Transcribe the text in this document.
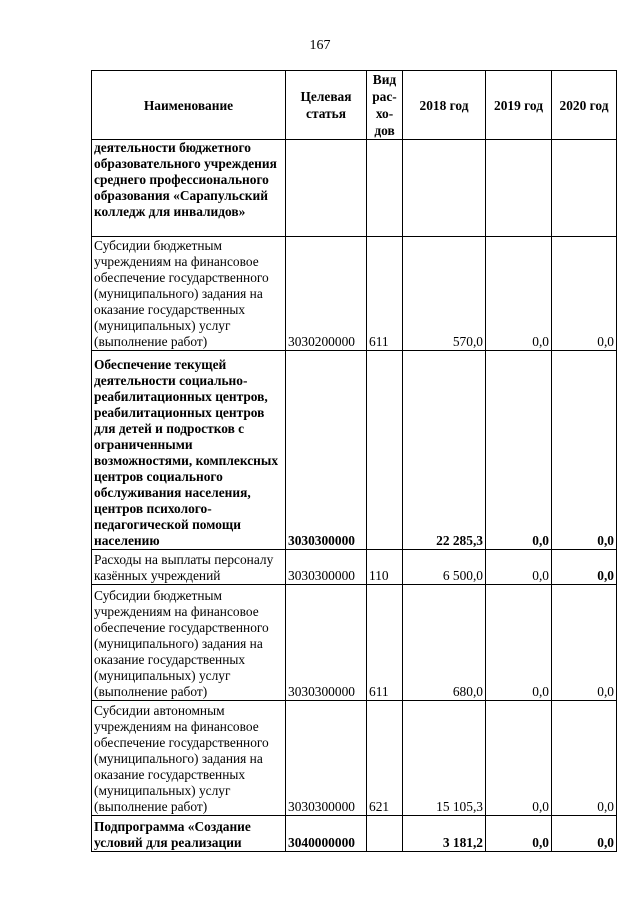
167
Наименование	Целевая статья	Вид рас-хо-дов	2018 год	2019 год	2020 год
деятельности бюджетного образовательного учреждения среднего профессионального образования «Сарапульский колледж для инвалидов»					
Субсидии бюджетным учреждениям на финансовое обеспечение государственного (муниципального) задания на оказание государственных (муниципальных) услуг (выполнение работ)	3030200000	611	570,0	0,0	0,0
Обеспечение текущей деятельности социально-реабилитационных центров, реабилитационных центров для детей и подростков с ограниченными возможностями, комплексных центров социального обслуживания населения, центров психолого-педагогической помощи населению	3030300000		22 285,3	0,0	0,0
Расходы на выплаты персоналу казённых учреждений	3030300000	110	6 500,0	0,0	0,0
Субсидии бюджетным учреждениям на финансовое обеспечение государственного (муниципального) задания на оказание государственных (муниципальных) услуг (выполнение работ)	3030300000	611	680,0	0,0	0,0
Субсидии автономным учреждениям на финансовое обеспечение государственного (муниципального) задания на оказание государственных (муниципальных) услуг (выполнение работ)	3030300000	621	15 105,3	0,0	0,0
Подпрограмма «Создание условий для реализации	3040000000		3 181,2	0,0	0,0
